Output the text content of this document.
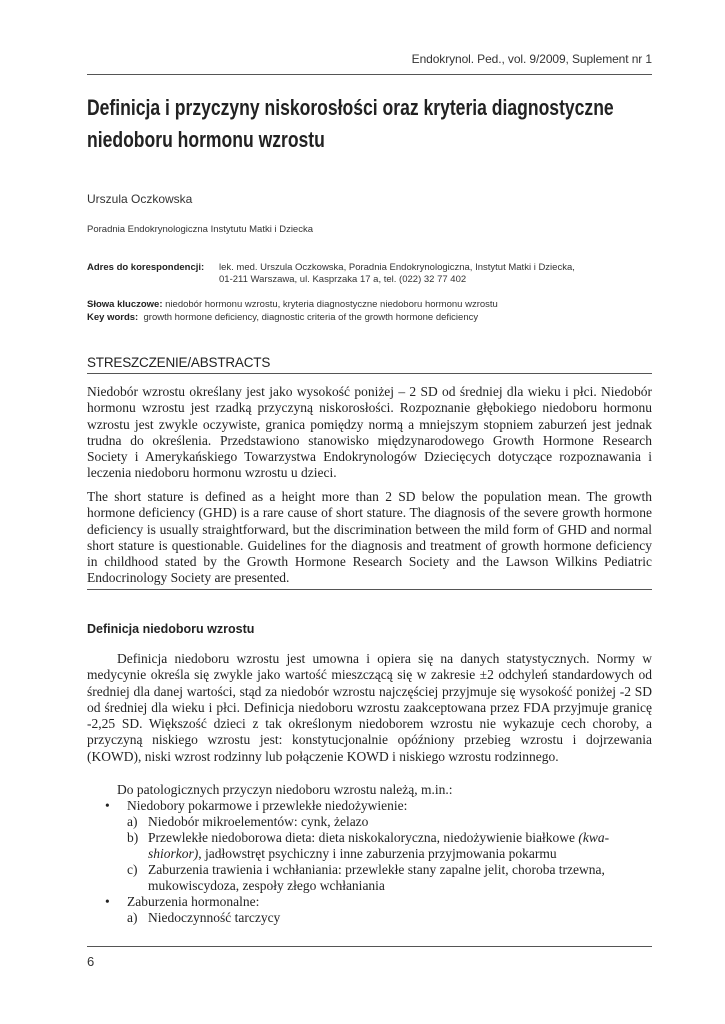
Endokrynol. Ped., vol. 9/2009, Suplement nr 1
Definicja i przyczyny niskorosłości oraz kryteria diagnostyczne
niedoboru hormonu wzrostu
Urszula Oczkowska
Poradnia Endokrynologiczna Instytutu Matki i Dziecka
Adres do korespondencji: lek. med. Urszula Oczkowska, Poradnia Endokrynologiczna, Instytut Matki i Dziecka,
01-211 Warszawa, ul. Kasprzaka 17 a, tel. (022) 32 77 402
Słowa kluczowe: niedobór hormonu wzrostu, kryteria diagnostyczne niedoboru hormonu wzrostu
Key words:  growth hormone deficiency, diagnostic criteria of the growth hormone deficiency
STRESZCZENIE/ABSTRACTS
Niedobór wzrostu określany jest jako wysokość poniżej – 2 SD od średniej dla wieku i płci. Niedobór hormonu wzrostu jest rzadką przyczyną niskorosłości. Rozpoznanie głębokiego niedoboru hormonu wzrostu jest zwykle oczywiste, granica pomiędzy normą a mniejszym stopniem zaburzeń jest jednak trudna do określenia. Przedstawiono stanowisko międzynarodowego Growth Hormone Research Society i Amerykańskiego Towarzystwa Endokrynologów Dziecięcych dotyczące rozpoznawania i leczenia niedoboru hormonu wzrostu u dzieci.
The short stature is defined as a height more than 2 SD below the population mean. The growth hormone deficiency (GHD) is a rare cause of short stature. The diagnosis of the severe growth hormone deficiency is usually straightforward, but the discrimination between the mild form of GHD and normal short stature is questionable. Guidelines for the diagnosis and treatment of growth hormone deficiency in childhood stated by the Growth Hormone Research Society and the Lawson Wilkins Pediatric Endocrinology Society are presented.
Definicja niedoboru wzrostu
Definicja niedoboru wzrostu jest umowna i opiera się na danych statystycznych. Normy w medycynie określa się zwykle jako wartość mieszczącą się w zakresie ±2 odchyleń standardowych od średniej dla danej wartości, stąd za niedobór wzrostu najczęściej przyjmuje się wysokość poniżej -2 SD od średniej dla wieku i płci. Definicja niedoboru wzrostu zaakceptowana przez FDA przyjmuje granicę -2,25 SD. Większość dzieci z tak określonym niedoborem wzrostu nie wykazuje cech choroby, a przyczyną niskiego wzrostu jest: konstytucjonalnie opóźniony przebieg wzrostu i dojrzewania (KOWD), niski wzrost rodzinny lub połączenie KOWD i niskiego wzrostu rodzinnego.
Do patologicznych przyczyn niedoboru wzrostu należą, m.in.:
• Niedobory pokarmowe i przewlekłe niedożywienie:
a) Niedobór mikroelementów: cynk, żelazo
b) Przewlekłe niedoborowa dieta: dieta niskokaloryczna, niedożywienie białkowe (kwa-
shiorkor), jadłowstręt psychiczny i inne zaburzenia przyjmowania pokarmu
c) Zaburzenia trawienia i wchłaniania: przewlekłe stany zapalne jelit, choroba trzewna,
mukowiscydoza, zespoły złego wchłaniania
• Zaburzenia hormonalne:
a) Niedoczynność tarczycy
6
